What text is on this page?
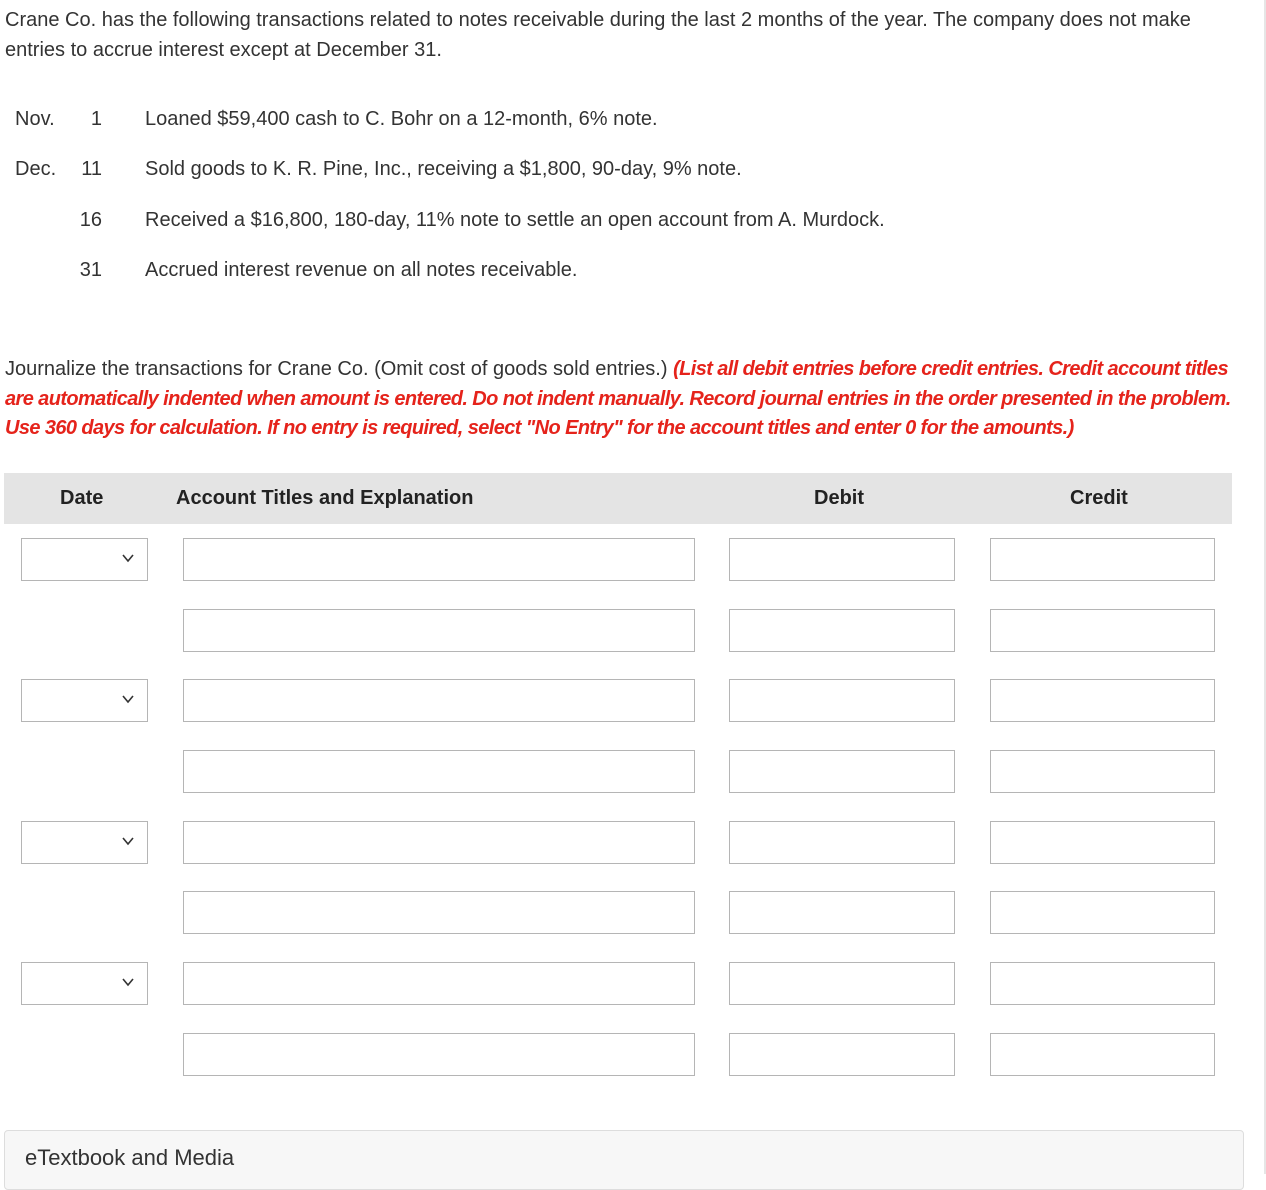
Crane Co. has the following transactions related to notes receivable during the last 2 months of the year. The company does not make entries to accrue interest except at December 31.
Nov.	1 Loaned $59,400 cash to C. Bohr on a 12-month, 6% note.
Dec.	11 Sold goods to K. R. Pine, Inc., receiving a $1,800, 90-day, 9% note.
16 Received a $16,800, 180-day, 11% note to settle an open account from A. Murdock.
31 Accrued interest revenue on all notes receivable.
Journalize the transactions for Crane Co. (Omit cost of goods sold entries.) (List all debit entries before credit entries. Credit account titles are automatically indented when amount is entered. Do not indent manually. Record journal entries in the order presented in the problem. Use 360 days for calculation. If no entry is required, select "No Entry" for the account titles and enter 0 for the amounts.)
Date	Account Titles and Explanation	Debit	Credit
eTextbook and Media
